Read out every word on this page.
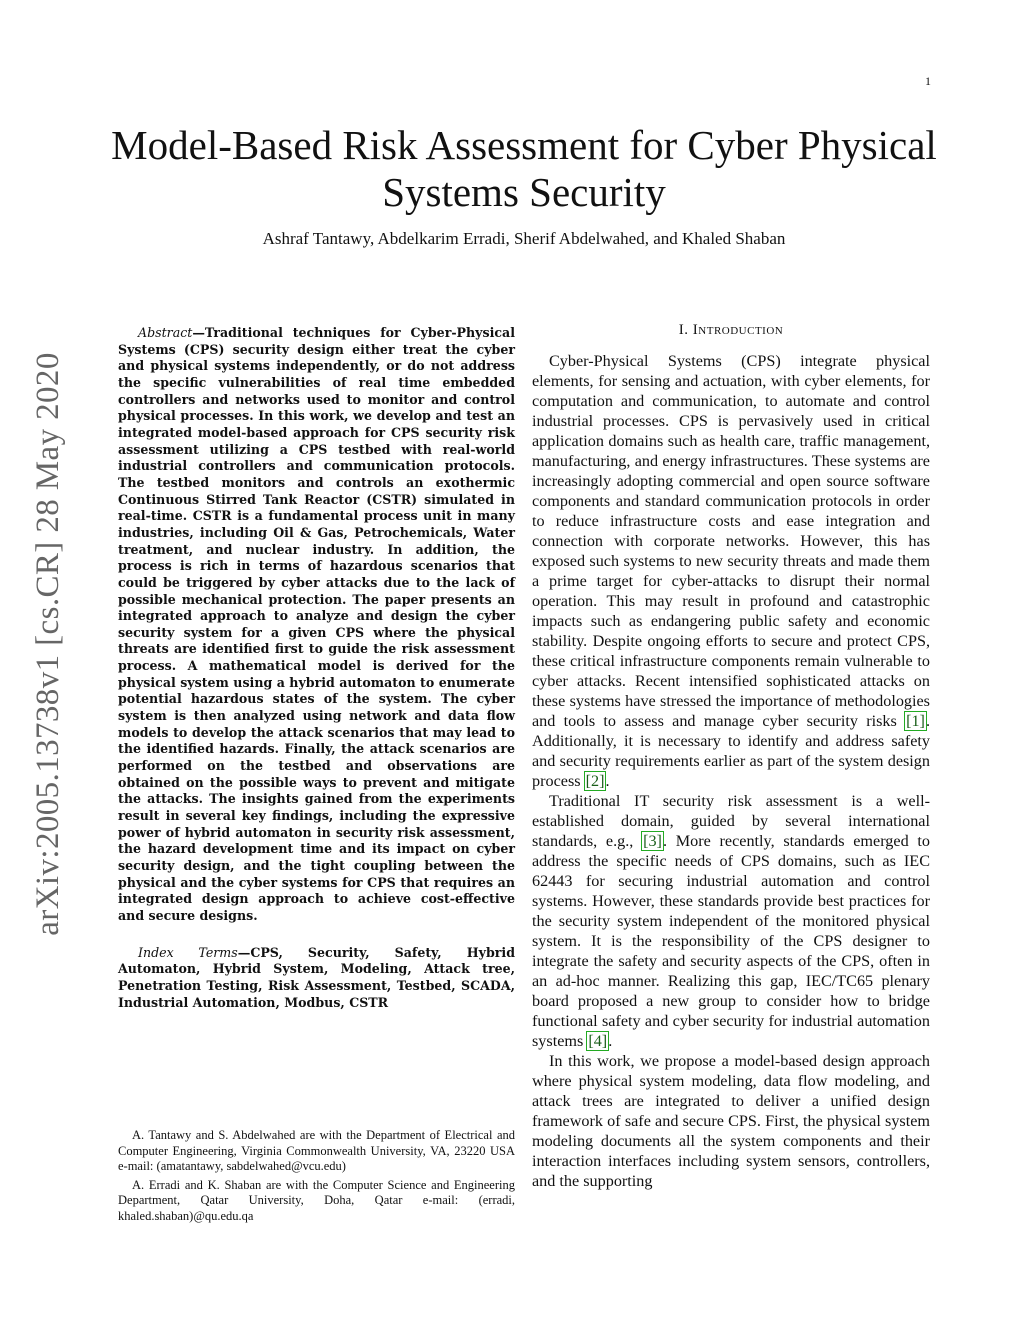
1
arXiv:2005.13738v1 [cs.CR] 28 May 2020
Model-Based Risk Assessment for Cyber Physical Systems Security
Ashraf Tantawy, Abdelkarim Erradi, Sherif Abdelwahed, and Khaled Shaban

Abstract—Traditional techniques for Cyber-Physical Systems (CPS) security design either treat the cyber and physical systems independently, or do not address the specific vulnerabilities of real time embedded controllers and networks used to monitor and control physical processes. In this work, we develop and test an integrated model-based approach for CPS security risk assessment utilizing a CPS testbed with real-world industrial controllers and communication protocols. The testbed monitors and controls an exothermic Continuous Stirred Tank Reactor (CSTR) simulated in real-time. CSTR is a fundamental process unit in many industries, including Oil & Gas, Petrochemicals, Water treatment, and nuclear industry. In addition, the process is rich in terms of hazardous scenarios that could be triggered by cyber attacks due to the lack of possible mechanical protection. The paper presents an integrated approach to analyze and design the cyber security system for a given CPS where the physical threats are identified first to guide the risk assessment process. A mathematical model is derived for the physical system using a hybrid automaton to enumerate potential hazardous states of the system. The cyber system is then analyzed using network and data flow models to develop the attack scenarios that may lead to the identified hazards. Finally, the attack scenarios are performed on the testbed and observations are obtained on the possible ways to prevent and mitigate the attacks. The insights gained from the experiments result in several key findings, including the expressive power of hybrid automaton in security risk assessment, the hazard development time and its impact on cyber security design, and the tight coupling between the physical and the cyber systems for CPS that requires an integrated design approach to achieve cost-effective and secure designs.

Index Terms—CPS, Security, Safety, Hybrid Automaton, Hybrid System, Modeling, Attack tree, Penetration Testing, Risk Assessment, Testbed, SCADA, Industrial Automation, Modbus, CSTR

A. Tantawy and S. Abdelwahed are with the Department of Electrical and Computer Engineering, Virginia Commonwealth University, VA, 23220 USA e-mail: (amatantawy, sabdelwahed@vcu.edu)

A. Erradi and K. Shaban are with the Computer Science and Engineering Department, Qatar University, Doha, Qatar e-mail: (erradi, khaled.shaban)@qu.edu.qa

I. Introduction

Cyber-Physical Systems (CPS) integrate physical elements, for sensing and actuation, with cyber elements, for computation and communication, to automate and control industrial processes. CPS is pervasively used in critical application domains such as health care, traffic management, manufacturing, and energy infrastructures. These systems are increasingly adopting commercial and open source software components and standard communication protocols in order to reduce infrastructure costs and ease integration and connection with corporate networks. However, this has exposed such systems to new security threats and made them a prime target for cyber-attacks to disrupt their normal operation. This may result in profound and catastrophic impacts such as endangering public safety and economic stability. Despite ongoing efforts to secure and protect CPS, these critical infrastructure components remain vulnerable to cyber attacks. Recent intensified sophisticated attacks on these systems have stressed the importance of methodologies and tools to assess and manage cyber security risks [1]. Additionally, it is necessary to identify and address safety and security requirements earlier as part of the system design process [2].

Traditional IT security risk assessment is a well-established domain, guided by several international standards, e.g., [3]. More recently, standards emerged to address the specific needs of CPS domains, such as IEC 62443 for securing industrial automation and control systems. However, these standards provide best practices for the security system independent of the monitored physical system. It is the responsibility of the CPS designer to integrate the safety and security aspects of the CPS, often in an ad-hoc manner. Realizing this gap, IEC/TC65 plenary board proposed a new group to consider how to bridge functional safety and cyber security for industrial automation systems [4].

In this work, we propose a model-based design approach where physical system modeling, data flow modeling, and attack trees are integrated to deliver a unified design framework of safe and secure CPS. First, the physical system modeling documents all the system components and their interaction interfaces including system sensors, controllers, and the supporting
